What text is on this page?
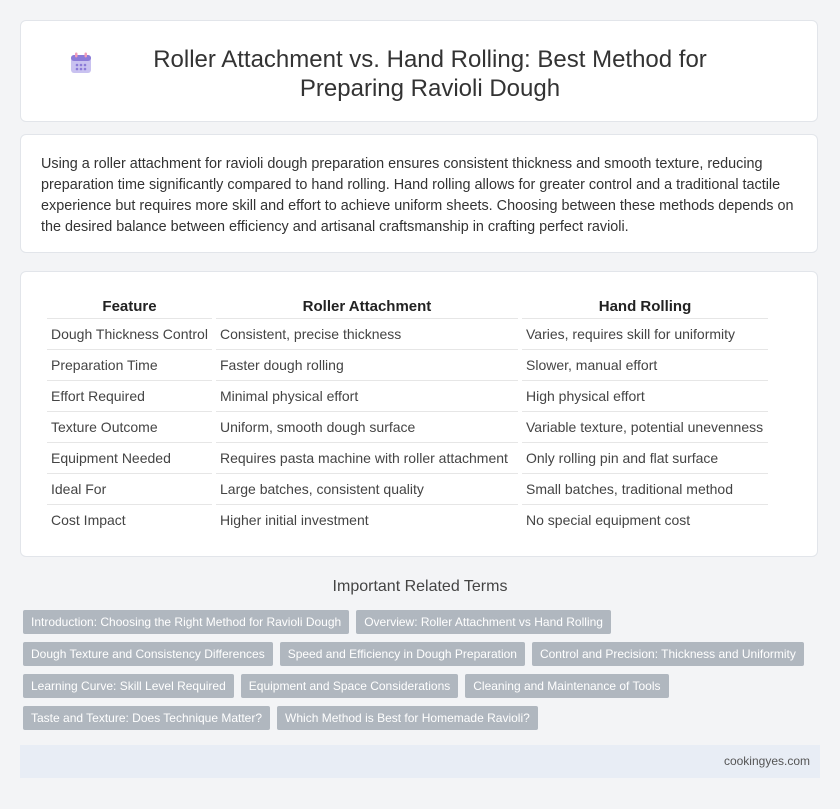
Roller Attachment vs. Hand Rolling: Best Method for Preparing Ravioli Dough

Using a roller attachment for ravioli dough preparation ensures consistent thickness and smooth texture, reducing preparation time significantly compared to hand rolling. Hand rolling allows for greater control and a traditional tactile experience but requires more skill and effort to achieve uniform sheets. Choosing between these methods depends on the desired balance between efficiency and artisanal craftsmanship in crafting perfect ravioli.

Feature	Roller Attachment	Hand Rolling
Dough Thickness Control	Consistent, precise thickness	Varies, requires skill for uniformity
Preparation Time	Faster dough rolling	Slower, manual effort
Effort Required	Minimal physical effort	High physical effort
Texture Outcome	Uniform, smooth dough surface	Variable texture, potential unevenness
Equipment Needed	Requires pasta machine with roller attachment	Only rolling pin and flat surface
Ideal For	Large batches, consistent quality	Small batches, traditional method
Cost Impact	Higher initial investment	No special equipment cost
Important Related Terms
Introduction: Choosing the Right Method for Ravioli Dough	Overview: Roller Attachment vs Hand Rolling
Dough Texture and Consistency Differences	Speed and Efficiency in Dough Preparation	Control and Precision: Thickness and Uniformity
Learning Curve: Skill Level Required	Equipment and Space Considerations	Cleaning and Maintenance of Tools
Taste and Texture: Does Technique Matter?	Which Method is Best for Homemade Ravioli?
cookingyes.com
